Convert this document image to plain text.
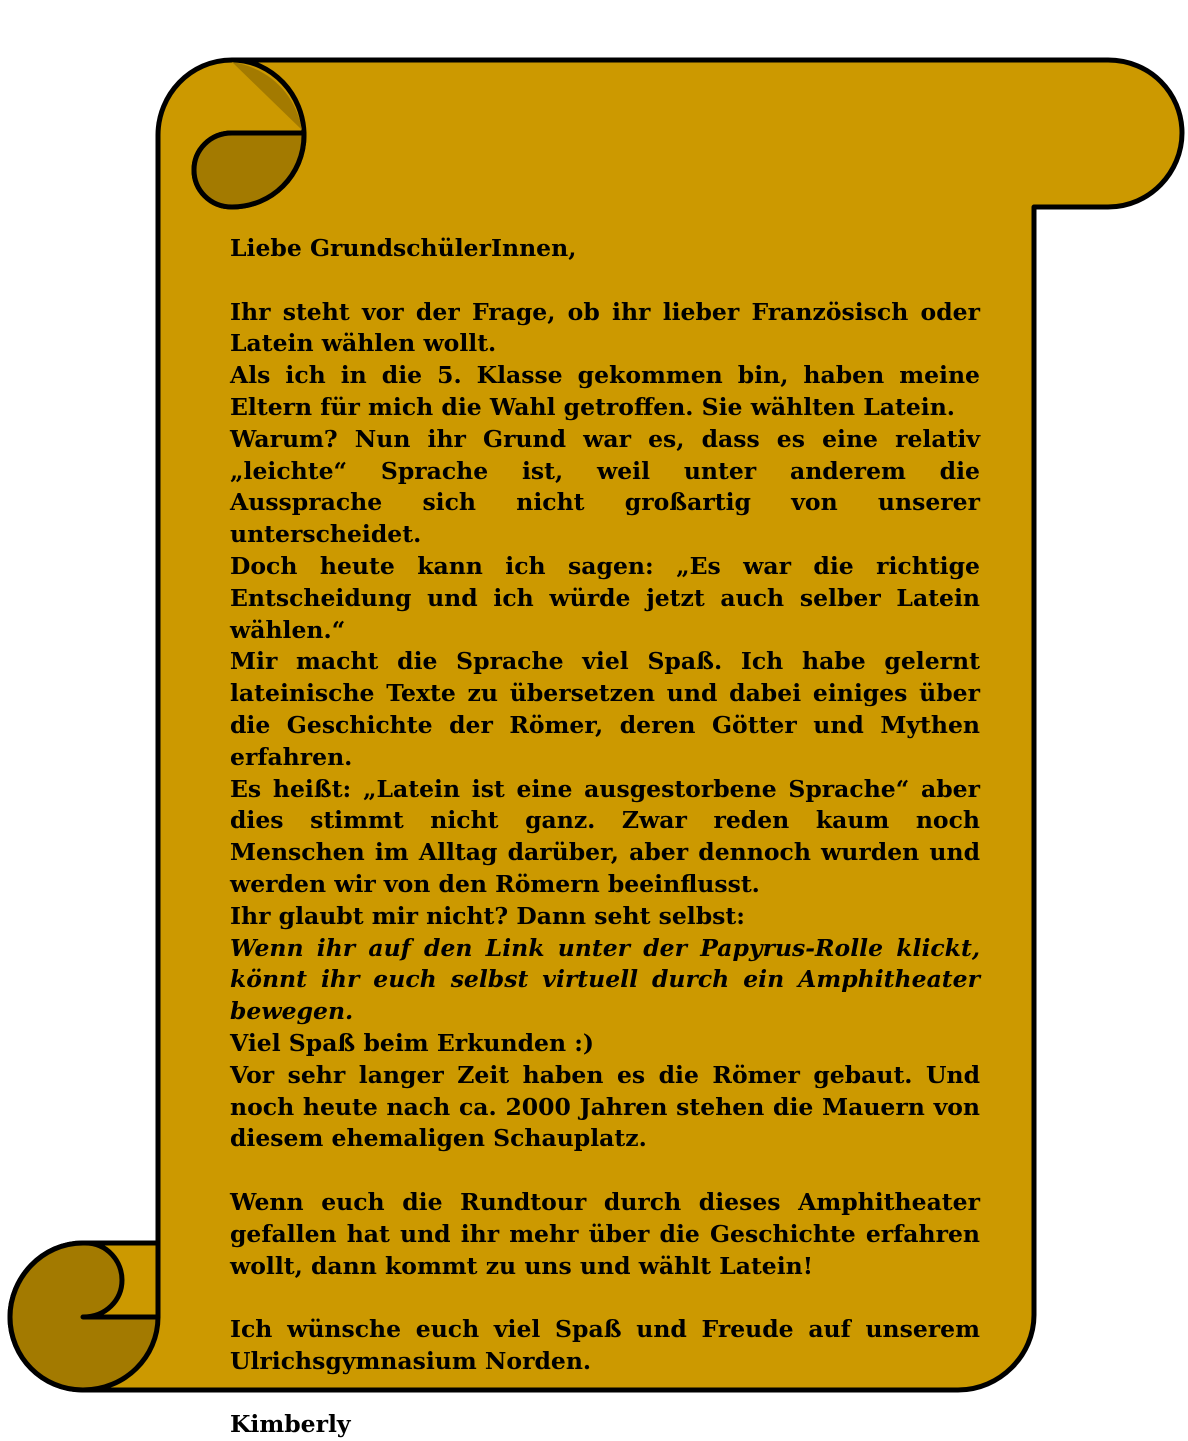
Liebe GrundschülerInnen,

Ihr steht vor der Frage, ob ihr lieber Französisch oder Latein wählen wollt.

Als ich in die 5. Klasse gekommen bin, haben meine Eltern für mich die Wahl getroffen. Sie wählten Latein.

Warum? Nun ihr Grund war es, dass es eine relativ „leichte“ Sprache ist, weil unter anderem die Aussprache sich nicht großartig von unserer unterscheidet.

Doch heute kann ich sagen: „Es war die richtige Entscheidung und ich würde jetzt auch selber Latein wählen.“

Mir macht die Sprache viel Spaß. Ich habe gelernt lateinische Texte zu übersetzen und dabei einiges über die Geschichte der Römer, deren Götter und Mythen erfahren.

Es heißt: „Latein ist eine ausgestorbene Sprache“ aber dies stimmt nicht ganz. Zwar reden kaum noch Menschen im Alltag darüber, aber dennoch wurden und werden wir von den Römern beeinflusst.

Ihr glaubt mir nicht? Dann seht selbst:

Wenn ihr auf den Link unter der Papyrus-Rolle klickt, könnt ihr euch selbst virtuell durch ein Amphitheater bewegen.

Viel Spaß beim Erkunden :)

Vor sehr langer Zeit haben es die Römer gebaut. Und noch heute nach ca. 2000 Jahren stehen die Mauern von diesem ehemaligen Schauplatz.

Wenn euch die Rundtour durch dieses Amphitheater gefallen hat und ihr mehr über die Geschichte erfahren wollt, dann kommt zu uns und wählt Latein!

Ich wünsche euch viel Spaß und Freude auf unserem Ulrichsgymnasium Norden.

Kimberly
